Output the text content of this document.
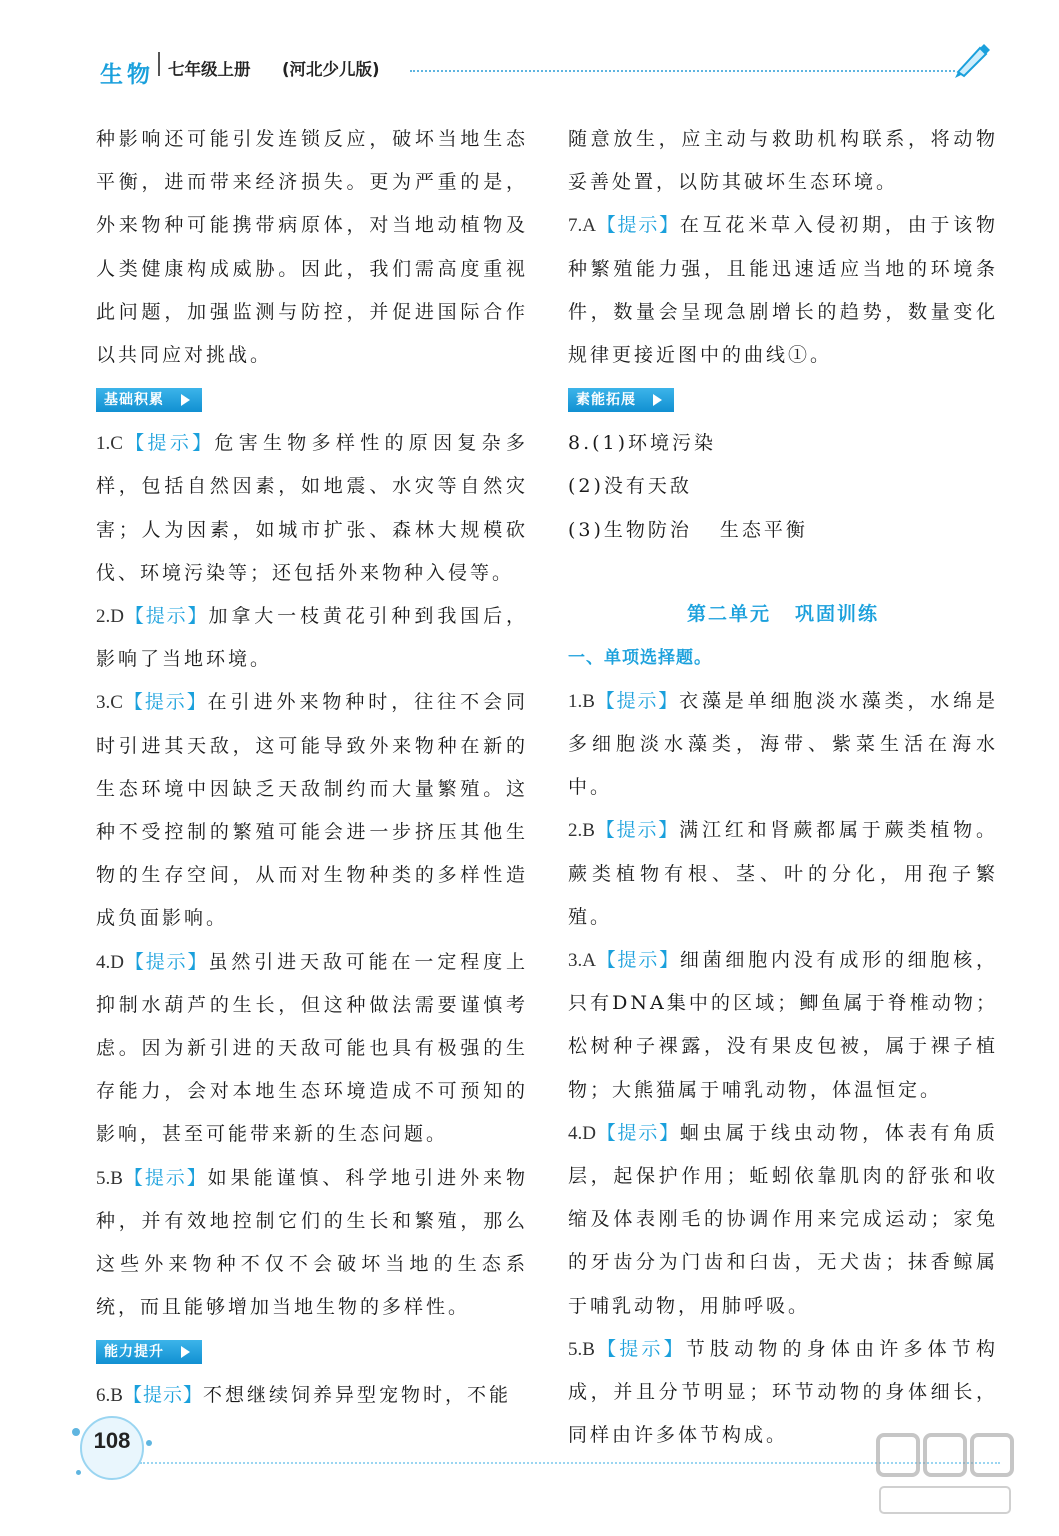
生物 七年级上册 (河北少儿版)

种影响还可能引发连锁反应，破坏当地生态平衡，进而带来经济损失。更为严重的是，外来物种可能携带病原体，对当地动植物及人类健康构成威胁。因此，我们需高度重视此问题，加强监测与防控，并促进国际合作以共同应对挑战。

基础积累

1.C【提示】危害生物多样性的原因复杂多样，包括自然因素，如地震、水灾等自然灾害；人为因素，如城市扩张、森林大规模砍伐、环境污染等；还包括外来物种入侵等。

2.D【提示】加拿大一枝黄花引种到我国后，影响了当地环境。

3.C【提示】在引进外来物种时，往往不会同时引进其天敌，这可能导致外来物种在新的生态环境中因缺乏天敌制约而大量繁殖。这种不受控制的繁殖可能会进一步挤压其他生物的生存空间，从而对生物种类的多样性造成负面影响。

4.D【提示】虽然引进天敌可能在一定程度上抑制水葫芦的生长，但这种做法需要谨慎考虑。因为新引进的天敌可能也具有极强的生存能力，会对本地生态环境造成不可预知的影响，甚至可能带来新的生态问题。

5.B【提示】如果能谨慎、科学地引进外来物种，并有效地控制它们的生长和繁殖，那么这些外来物种不仅不会破坏当地的生态系统，而且能够增加当地生物的多样性。

能力提升

6.B【提示】不想继续饲养异型宠物时，不能

随意放生，应主动与救助机构联系，将动物妥善处置，以防其破坏生态环境。

7.A【提示】在互花米草入侵初期，由于该物种繁殖能力强，且能迅速适应当地的环境条件，数量会呈现急剧增长的趋势，数量变化规律更接近图中的曲线①。

素能拓展

8.(1)环境污染

(2)没有天敌

(3)生物防治 生态平衡

第二单元 巩固训练
一、单项选择题。

1.B【提示】衣藻是单细胞淡水藻类，水绵是多细胞淡水藻类，海带、紫菜生活在海水中。

2.B【提示】满江红和肾蕨都属于蕨类植物。蕨类植物有根、茎、叶的分化，用孢子繁殖。

3.A【提示】细菌细胞内没有成形的细胞核，只有DNA集中的区域；鲫鱼属于脊椎动物；松树种子裸露，没有果皮包被，属于裸子植物；大熊猫属于哺乳动物，体温恒定。

4.D【提示】蛔虫属于线虫动物，体表有角质层，起保护作用；蚯蚓依靠肌肉的舒张和收缩及体表刚毛的协调作用来完成运动；家兔的牙齿分为门齿和臼齿，无犬齿；抹香鲸属于哺乳动物，用肺呼吸。

5.B【提示】节肢动物的身体由许多体节构成，并且分节明显；环节动物的身体细长，同样由许多体节构成。

108
